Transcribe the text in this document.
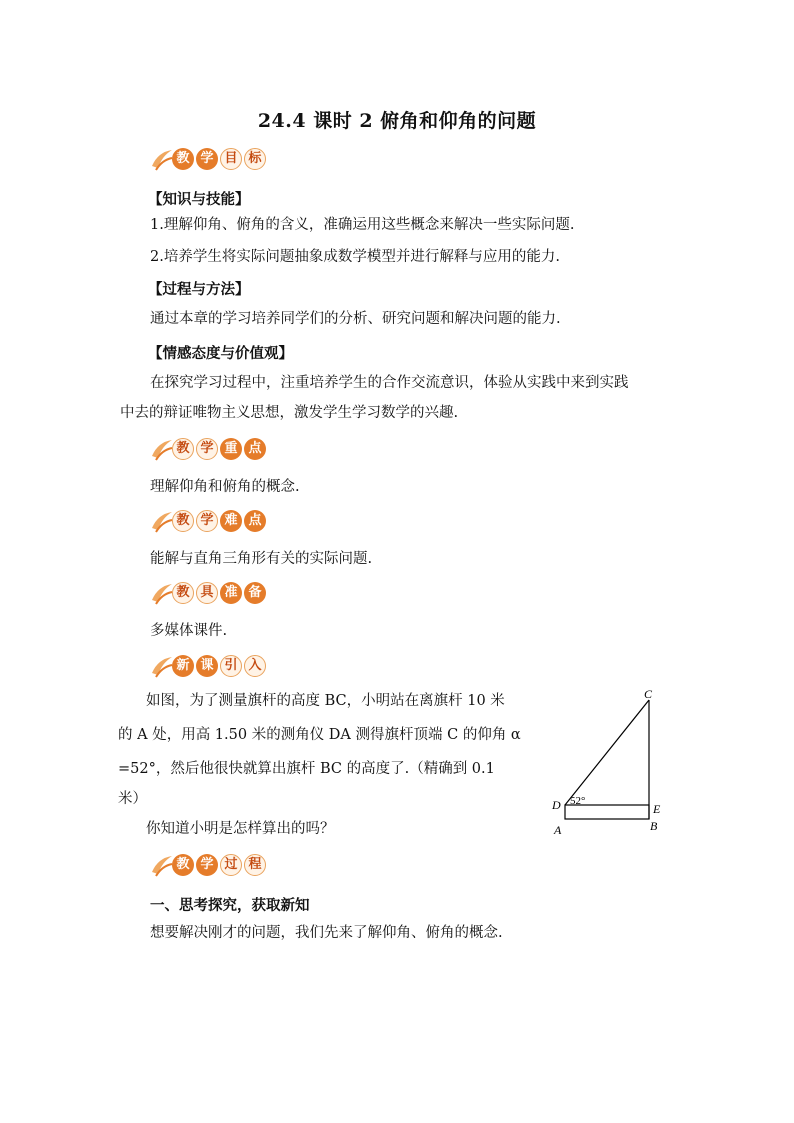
24.4 课时 2 俯角和仰角的问题
教 学 目 标
【知识与技能】
1.理解仰角、俯角的含义，准确运用这些概念来解决一些实际问题.
2.培养学生将实际问题抽象成数学模型并进行解释与应用的能力.
【过程与方法】
通过本章的学习培养同学们的分析、研究问题和解决问题的能力.
【情感态度与价值观】
在探究学习过程中，注重培养学生的合作交流意识，体验从实践中来到实践
中去的辩证唯物主义思想，激发学生学习数学的兴趣.
教 学 重 点
理解仰角和俯角的概念.
教 学 难 点
能解与直角三角形有关的实际问题.
教 具 准 备
多媒体课件.
新 课 引 入
如图，为了测量旗杆的高度 BC，小明站在离旗杆 10 米
的 A 处，用高 1.50 米的测角仪 DA 测得旗杆顶端 C 的仰角 α
=52°，然后他很快就算出旗杆 BC 的高度了.（精确到 0.1
米）
你知道小明是怎样算出的吗？
C
D 52°
E
A	B
教 学 过 程
一、思考探究，获取新知
想要解决刚才的问题，我们先来了解仰角、俯角的概念.
